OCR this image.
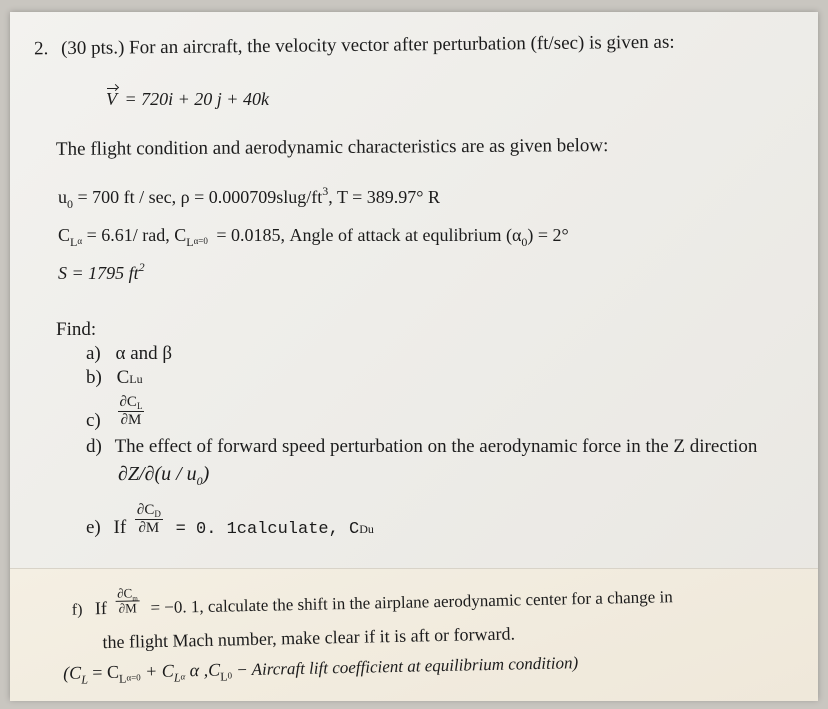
2. (30 pts.) For an aircraft, the velocity vector after perturbation (ft/sec) is given as:
V = 720i + 20 j + 40k
The flight condition and aerodynamic characteristics are as given below:
$u_0 = 700$ ft / sec, $\rho = 0.000709slug/ft^3$, T = 389.97° R
$C_L\alpha = 6.61/$ rad, $C_L\alpha=0 = 0.0185$, Angle of attack at equlibrium $(\alpha_0) = 2^\circ$
S = 1795 $ft^2$
Find:
a) α and β
b) CLu
$c) \frac{\partial C_L}{\partial M}$
d) The effect of forward speed perturbation on the aerodynamic force in the Z direction
$\partial Z/\partial(u / u_0)$
e) If $\frac{\partial C_D}{\partial M} = 0$. 1calculate, $C_{Du}$
f) If $\frac{\partial C_m}{\partial M} = -0$. 1, calculate the shift in the airplane aerodynamic center for a change in
the flight Mach number, make clear if it is aft or forward.
($C_L = C_L\alpha=0 + C_L\alpha$ α $,C_L0$ − Aircraft lift coefficient at equilibrium condition)
